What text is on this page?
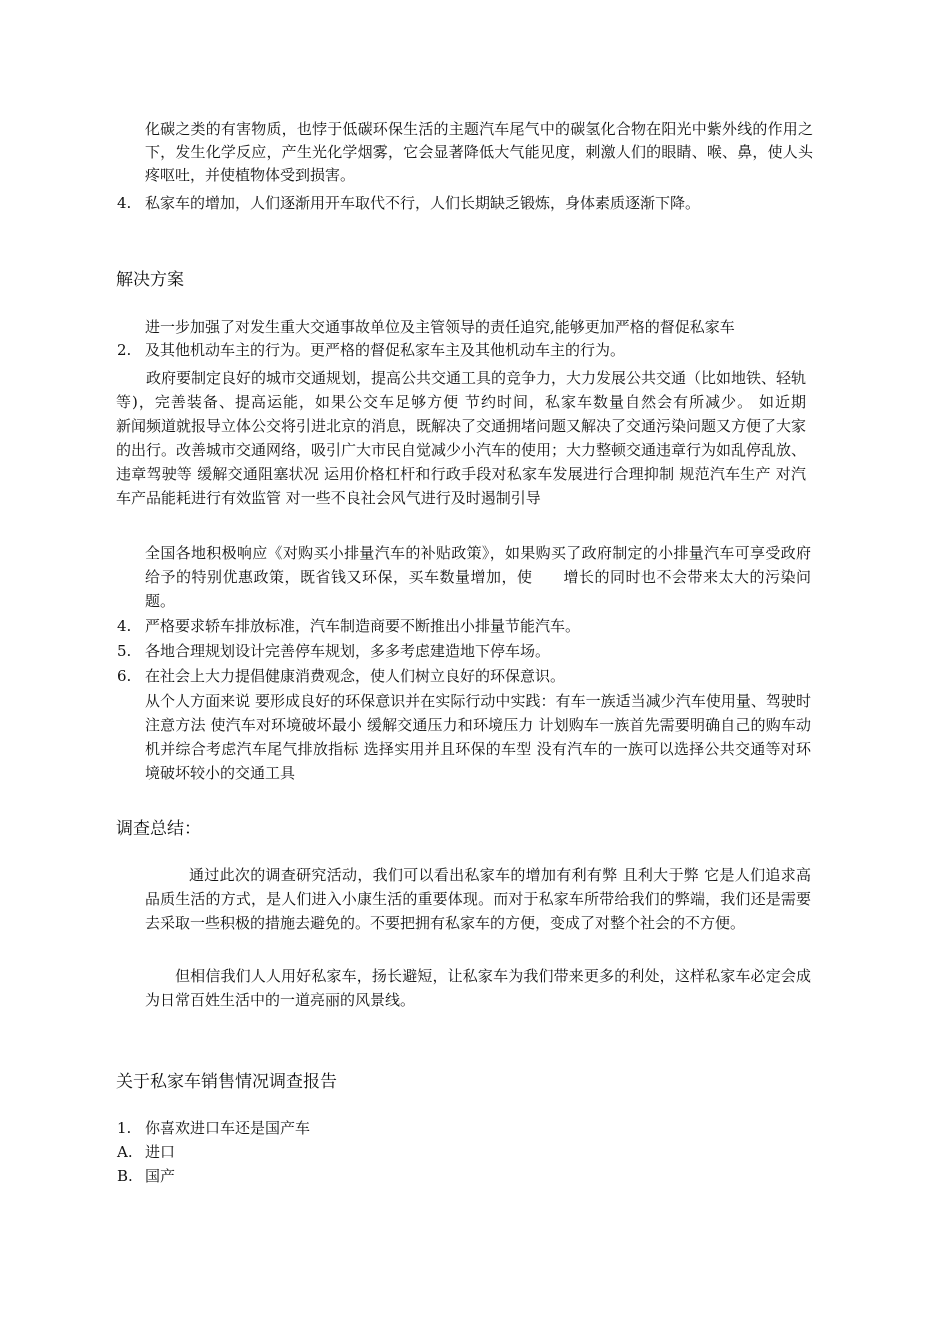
化碳之类的有害物质，也悖于低碳环保生活的主题汽车尾气中的碳氢化合物在阳光中紫外线的作用之下，发生化学反应，产生光化学烟雾，它会显著降低大气能见度，刺激人们的眼睛、喉、鼻，使人头疼呕吐，并使植物体受到损害。

4. 私家车的增加，人们逐渐用开车取代不行，人们长期缺乏锻炼，身体素质逐渐下降。
解决方案

进一步加强了对发生重大交通事故单位及主管领导的责任追究,能够更加严格的督促私家车

2. 及其他机动车主的行为。更严格的督促私家车主及其他机动车主的行为。

政府要制定良好的城市交通规划，提高公共交通工具的竞争力，大力发展公共交通（比如地铁、轻轨等)，完善装备、提高运能，如果公交车足够方便 节约时间，私家车数量自然会有所减少。 如近期　　　新闻频道就报导立体公交将引进北京的消息，既解决了交通拥堵问题又解决了交通污染问题又方便了大家的出行。改善城市交通网络，吸引广大市民自觉减少小汽车的使用；大力整顿交通违章行为如乱停乱放、违章驾驶等 缓解交通阻塞状况 运用价格杠杆和行政手段对私家车发展进行合理抑制 规范汽车生产 对汽车产品能耗进行有效监管 对一些不良社会风气进行及时遏制引导

全国各地积极响应《对购买小排量汽车的补贴政策》，如果购买了政府制定的小排量汽车可享受政府给予的特别优惠政策，既省钱又环保，买车数量增加，使　　增长的同时也不会带来太大的污染问题。

4. 严格要求轿车排放标准，汽车制造商要不断推出小排量节能汽车。
5. 各地合理规划设计完善停车规划，多多考虑建造地下停车场。
6. 在社会上大力提倡健康消费观念，使人们树立良好的环保意识。

从个人方面来说 要形成良好的环保意识并在实际行动中实践：有车一族适当减少汽车使用量、驾驶时注意方法 使汽车对环境破坏最小 缓解交通压力和环境压力 计划购车一族首先需要明确自己的购车动机并综合考虑汽车尾气排放指标 选择实用并且环保的车型 没有汽车的一族可以选择公共交通等对环境破坏较小的交通工具

调查总结：

通过此次的调查研究活动，我们可以看出私家车的增加有利有弊 且利大于弊 它是人们追求高品质生活的方式，是人们进入小康生活的重要体现。而对于私家车所带给我们的弊端，我们还是需要去采取一些积极的措施去避免的。不要把拥有私家车的方便，变成了对整个社会的不方便。

但相信我们人人用好私家车，扬长避短，让私家车为我们带来更多的利处，这样私家车必定会成为日常百姓生活中的一道亮丽的风景线。

关于私家车销售情况调查报告
1. 你喜欢进口车还是国产车
A. 进口
B. 国产
